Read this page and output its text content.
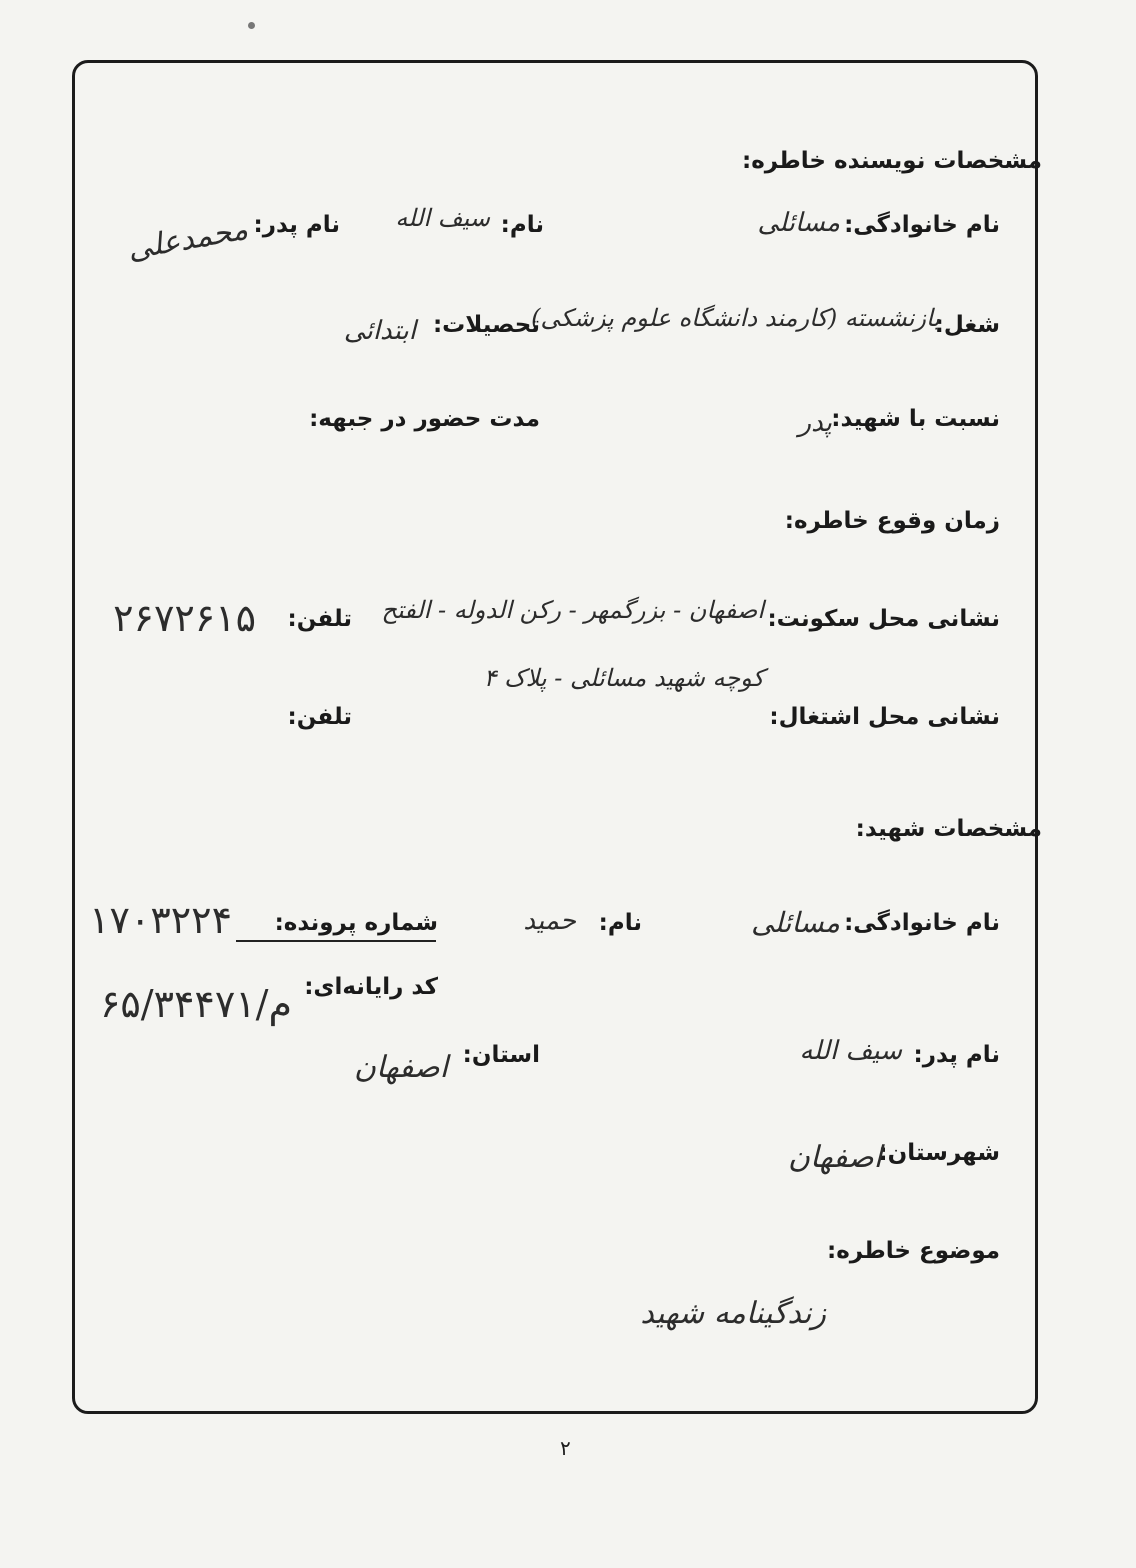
مشخصات نویسنده خاطره:
نام خانوادگی:
مسائلی
نام:
سیف الله
نام پدر:
محمدعلی
شغل:
بازنشسته (کارمند دانشگاه علوم پزشکی)
تحصیلات:
ابتدائی
نسبت با شهید:
پدر
مدت حضور در جبهه:
زمان وقوع خاطره:
نشانی محل سکونت:
اصفهان - بزرگمهر - رکن الدوله - الفتح
کوچه شهید مسائلی - پلاک ۴
تلفن:
۲۶۷۲۶۱۵
نشانی محل اشتغال:
تلفن:
مشخصات شهید:
نام خانوادگی:
مسائلی
نام:
حمید
شماره پرونده:
۱۷۰۳۲۲۴
کد رایانه‌ای:
م/۶۵/۳۴۴۷۱
نام پدر:
سیف الله
استان:
اصفهان
شهرستان:
اصفهان
موضوع خاطره:
زندگینامه شهید
۲
